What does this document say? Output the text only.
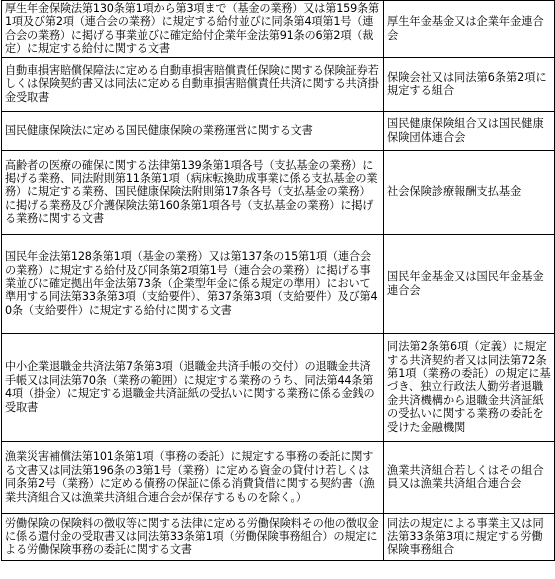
厚生年金保険法第130条第1項から第3項まで（基金の業務）又は第159条第1項及び第2項（連合会の業務）に規定する給付並びに同条第4項第1号（連合会の業務）に掲げる事業並びに確定給付企業年金法第91条の6第2項（裁定）に規定する給付に関する文書	厚生年金基金又は企業年金連合会
自動車損害賠償保障法に定める自動車損害賠償責任保険に関する保険証券若しくは保険契約書又は同法に定める自動車損害賠償責任共済に関する共済掛金受取書	保険会社又は同法第6条第2項に規定する組合
国民健康保険法に定める国民健康保険の業務運営に関する文書	国民健康保険組合又は国民健康保険団体連合会
高齢者の医療の確保に関する法律第139条第1項各号（支払基金の業務）に掲げる業務、同法附則第11条第1項（病床転換助成事業に係る支払基金の業務）に規定する業務、国民健康保険法附則第17条各号（支払基金の業務）に掲げる業務及び介護保険法第160条第1項各号（支払基金の業務）に掲げる業務に関する文書	社会保険診療報酬支払基金
国民年金法第128条第1項（基金の業務）又は第137条の15第1項（連合会の業務）に規定する給付及び同条第2項第1号（連合会の業務）に掲げる事業並びに確定拠出年金法第73条（企業型年金に係る規定の準用）において準用する同法第33条第3項（支給要件）、第37条第3項（支給要件）及び第40条（支給要件）に規定する給付に関する文書	国民年金基金又は国民年金基金連合会
中小企業退職金共済法第7条第3項（退職金共済手帳の交付）の退職金共済手帳又は同法第70条（業務の範囲）に規定する業務のうち、同法第44条第4項（掛金）に規定する退職金共済証紙の受払いに関する業務に係る金銭の受取書	同法第2条第6項（定義）に規定する共済契約者又は同法第72条第1項（業務の委託）の規定に基づき、独立行政法人勤労者退職金共済機構から退職金共済証紙の受払いに関する業務の委託を受けた金融機関
漁業災害補償法第101条第1項（事務の委託）に規定する事務の委託に関する文書又は同法第196条の3第1号（業務）に定める資金の貸付け若しくは同条第2号（業務）に定める債務の保証に係る消費貸借に関する契約書（漁業共済組合又は漁業共済組合連合会が保存するものを除く。）	漁業共済組合若しくはその組合員又は漁業共済組合連合会
労働保険の保険料の徴収等に関する法律に定める労働保険料その他の徴収金に係る還付金の受取書又は同法第33条第1項（労働保険事務組合）の規定による労働保険事務の委託に関する文書	同法の規定による事業主又は同法第33条第3項に規定する労働保険事務組合
